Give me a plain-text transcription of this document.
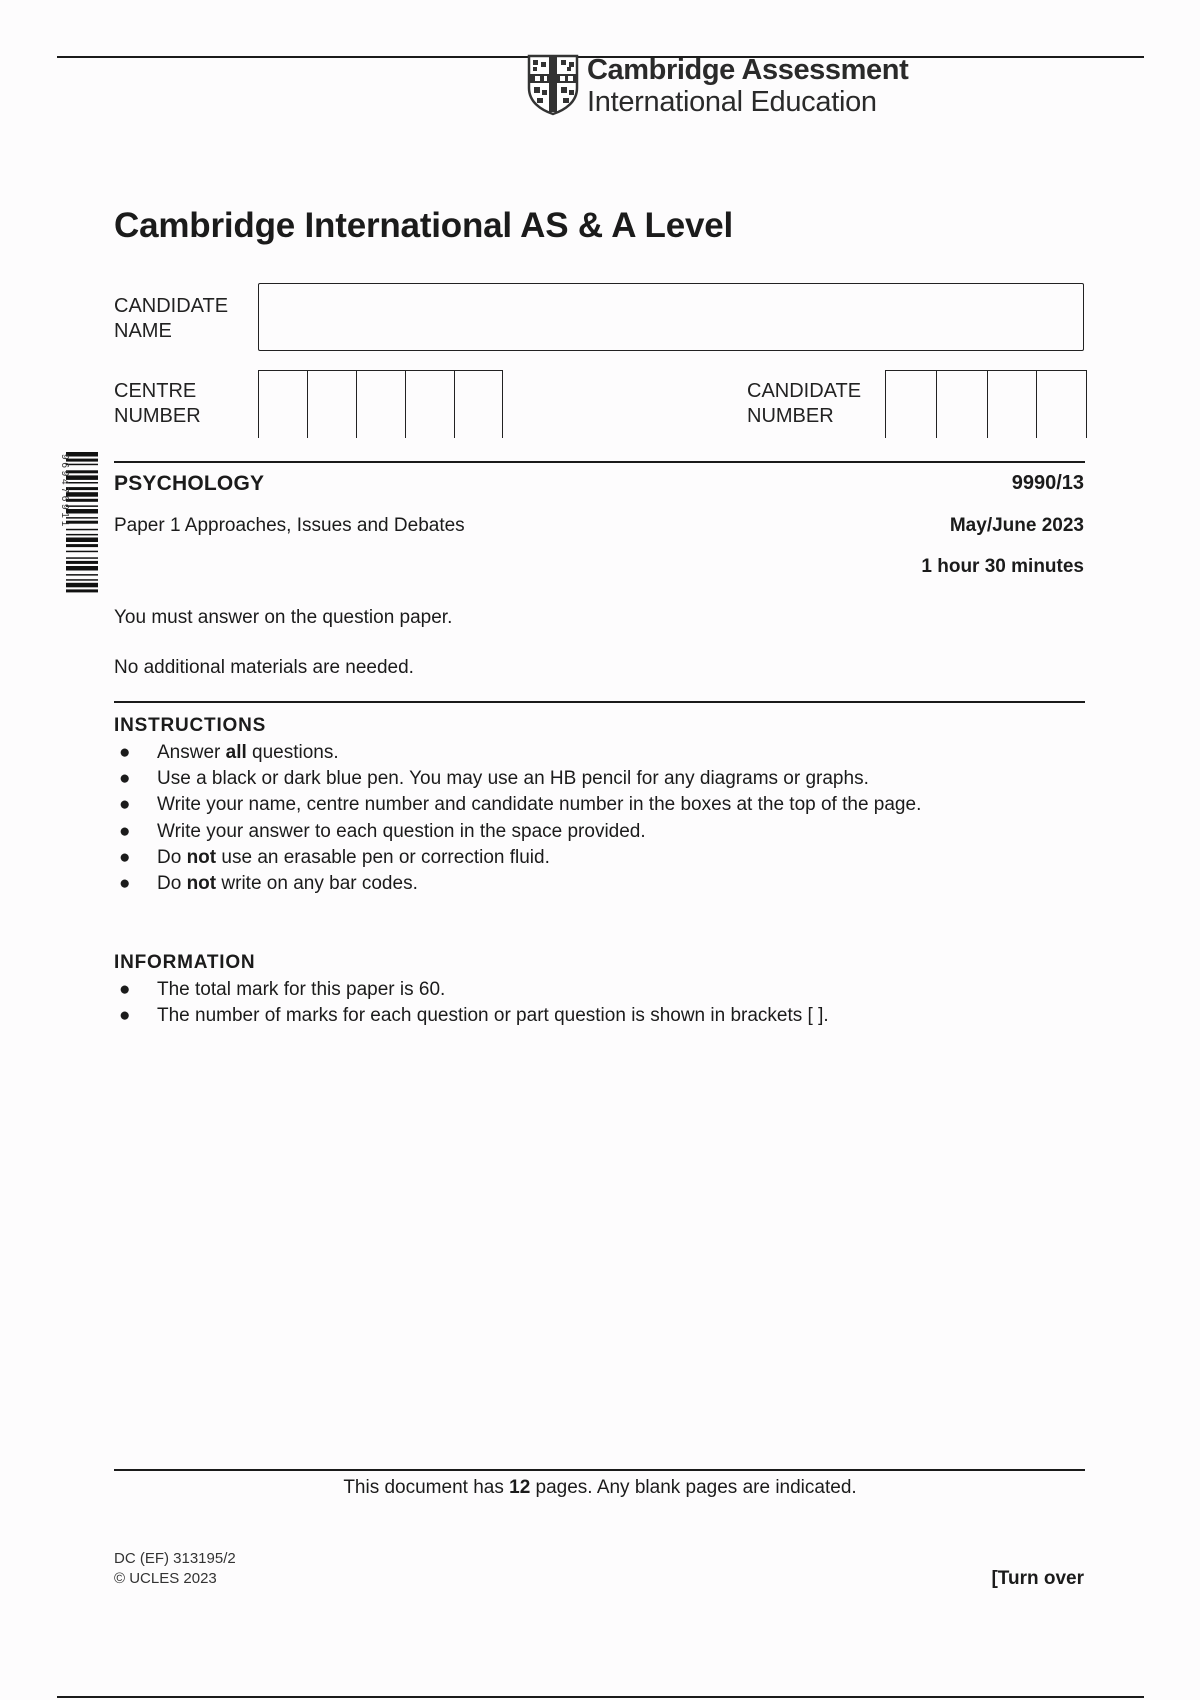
Cambridge Assessment
International Education
Cambridge International AS & A Level
CANDIDATE
NAME
CENTRE
NUMBER
CANDIDATE
NUMBER
9 6 9 4 7 6 9 1 1 PSYCHOLOGY	9990/13
Paper 1 Approaches, Issues and Debates	May/June 2023
1 hour 30 minutes
You must answer on the question paper.
No additional materials are needed.
INSTRUCTIONS
● Answer all questions.
● Use a black or dark blue pen. You may use an HB pencil for any diagrams or graphs.
● Write your name, centre number and candidate number in the boxes at the top of the page.
● Write your answer to each question in the space provided.
● Do not use an erasable pen or correction fluid.
● Do not write on any bar codes.
INFORMATION
● The total mark for this paper is 60.
● The number of marks for each question or part question is shown in brackets [ ].
This document has 12 pages. Any blank pages are indicated.
DC (EF) 313195/2
© UCLES 2023	[Turn over
